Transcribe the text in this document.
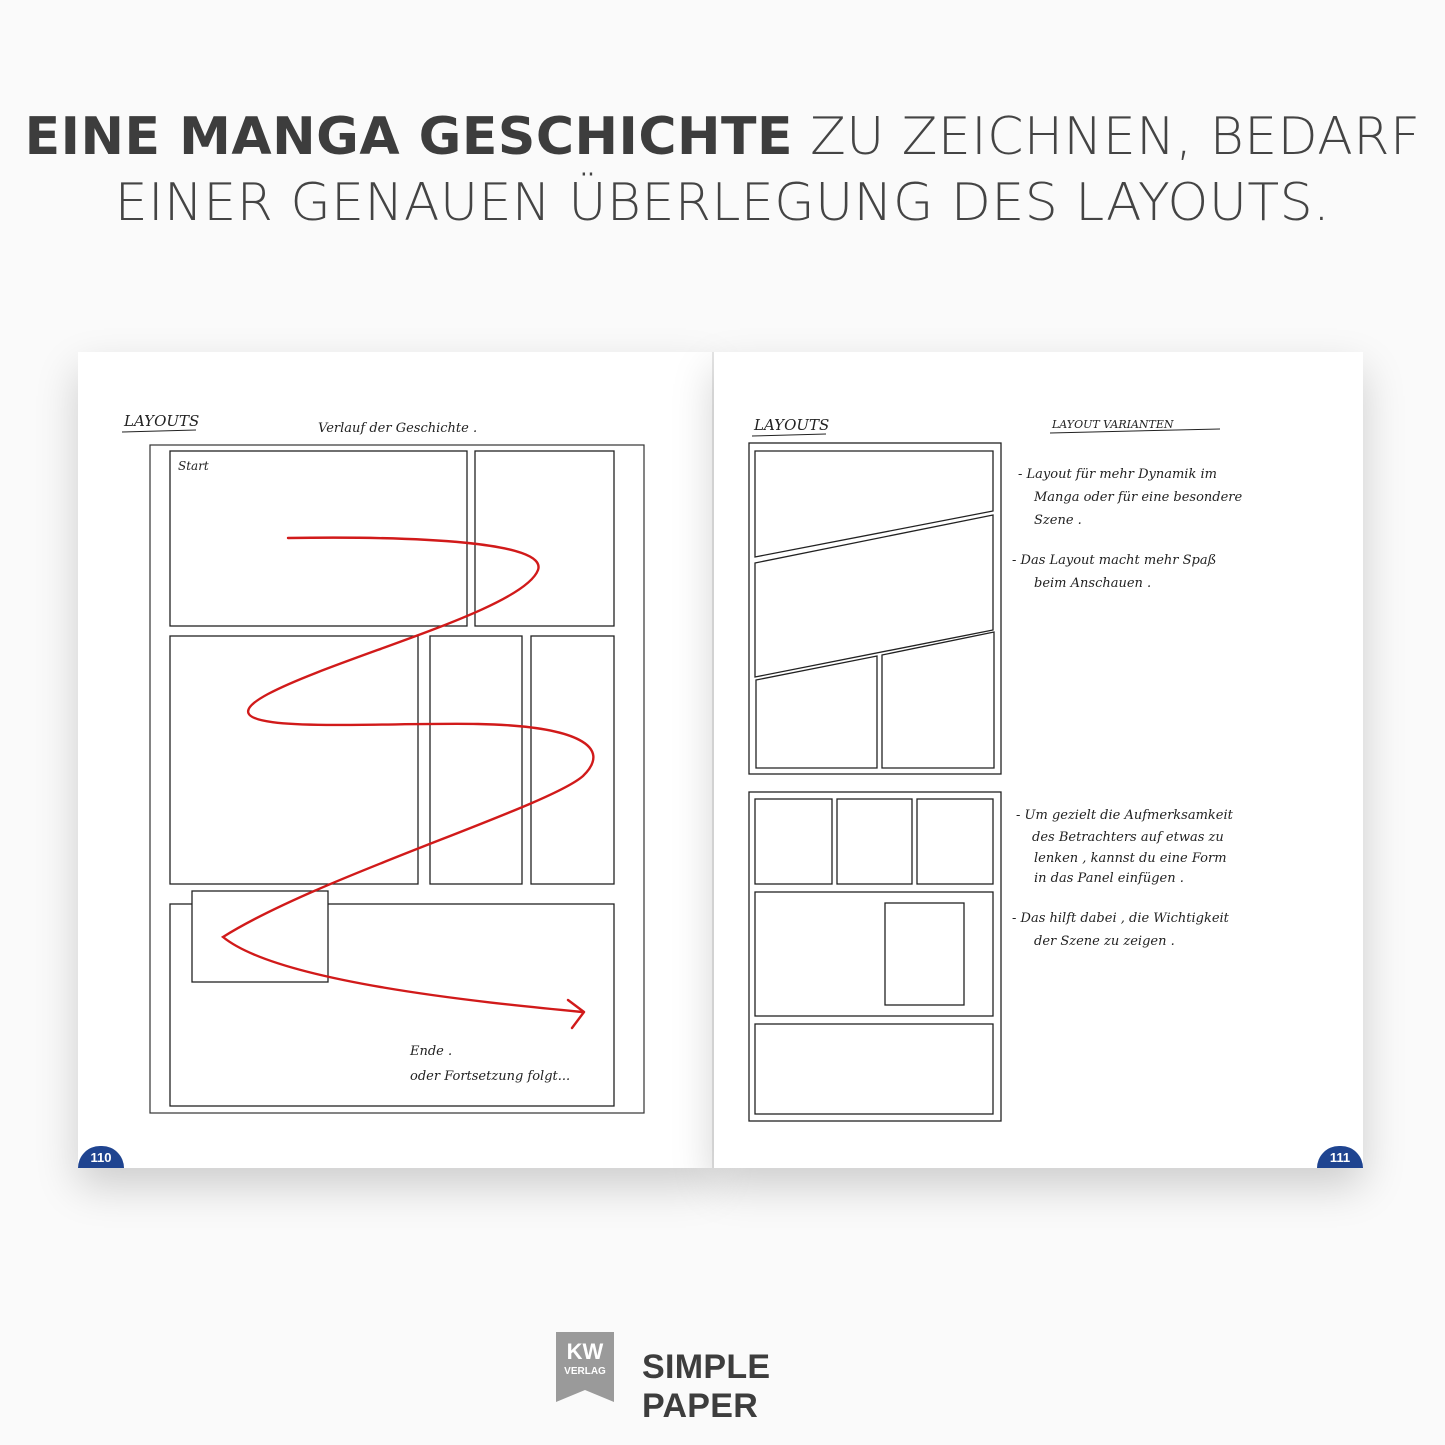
EINE MANGA GESCHICHTE ZU ZEICHNEN, BEDARF
EINER GENAUEN ÜBERLEGUNG DES LAYOUTS.
LAYOUTS	Verlauf der Geschichte .
Start
Ende .
oder Fortsetzung folgt...
110
LAYOUTS	LAYOUT VARIANTEN
- Layout für mehr Dynamik im
Manga oder für eine besondere
Szene .
- Das Layout macht mehr Spaß
beim Anschauen .
- Um gezielt die Aufmerksamkeit
des Betrachters auf etwas zu
lenken , kannst du eine Form
in das Panel einfügen .
- Das hilft dabei , die Wichtigkeit
der Szene zu zeigen .
111
KW
VERLAG SIMPLE PAPER
